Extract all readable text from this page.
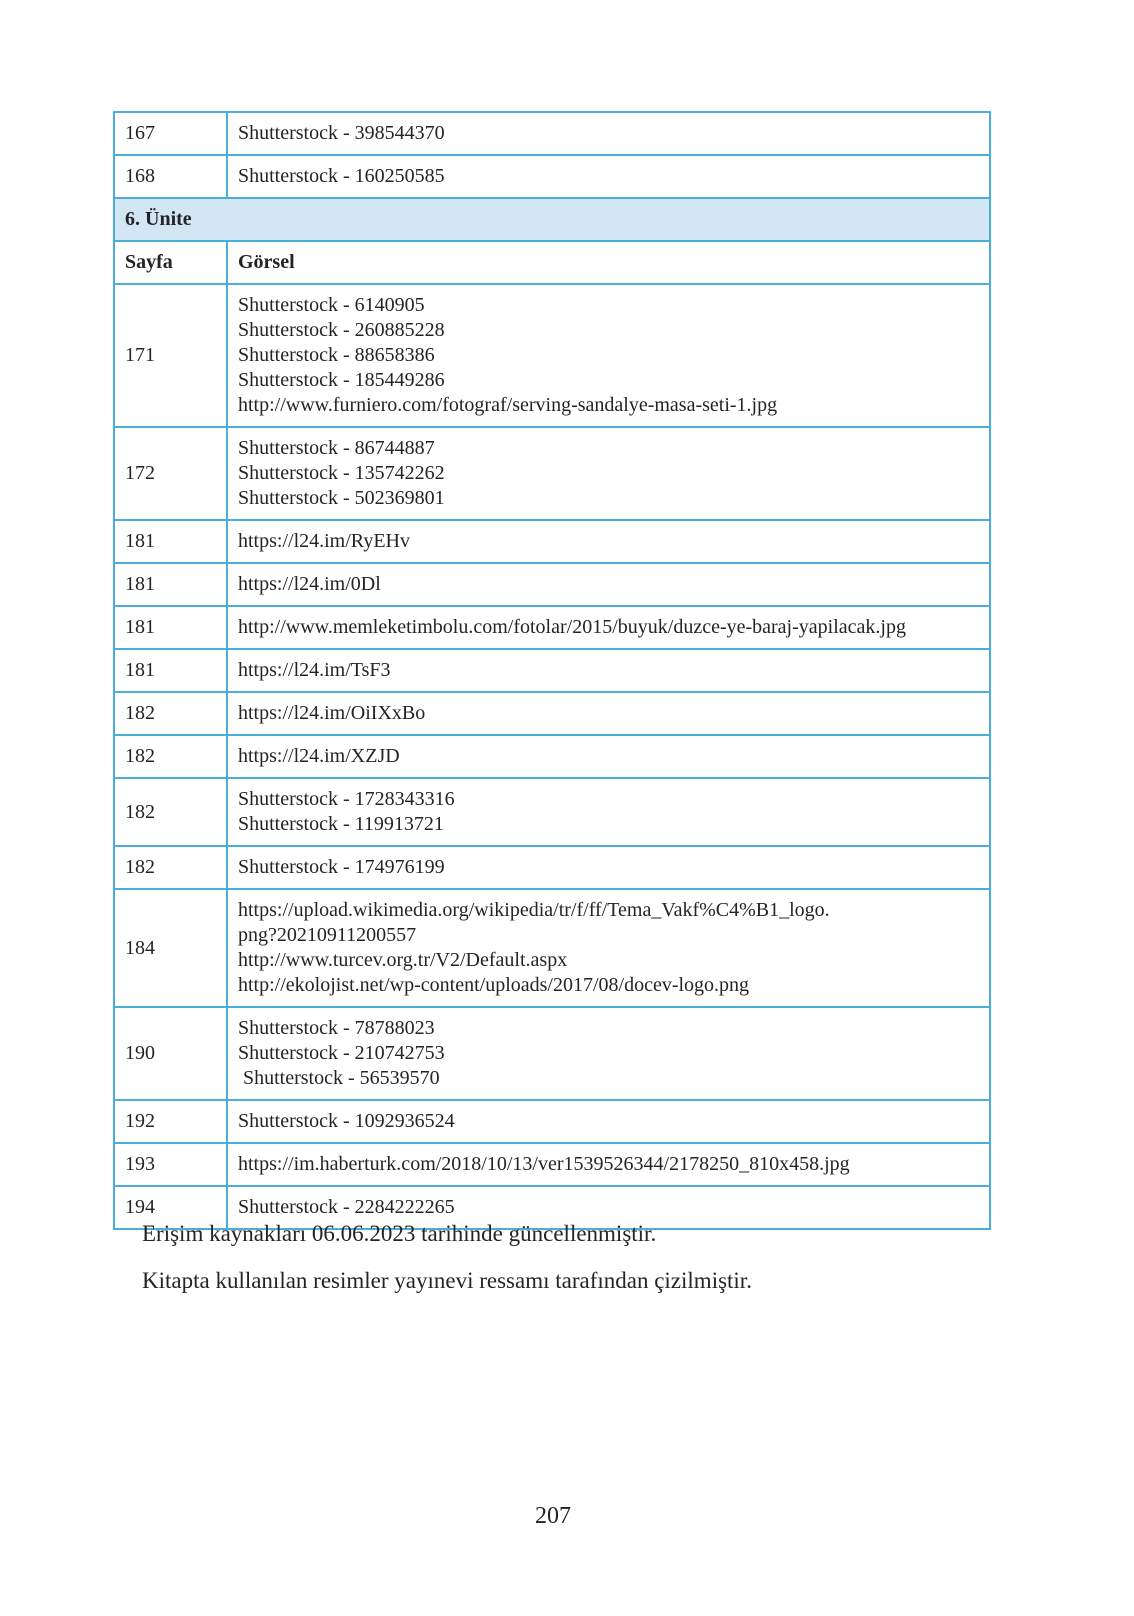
167	Shutterstock - 398544370

168	Shutterstock - 160250585

6. Ünite	
Sayfa	Görsel
171	Shutterstock - 6140905
Shutterstock - 260885228
Shutterstock - 88658386
Shutterstock - 185449286
http://www.furniero.com/fotograf/serving-sandalye-masa-seti-1.jpg

172	Shutterstock - 86744887
Shutterstock - 135742262
Shutterstock - 502369801

181	https://l24.im/RyEHv

181	https://l24.im/0Dl

181	http://www.memleketimbolu.com/fotolar/2015/buyuk/duzce-ye-baraj-yapilacak.jpg

181	https://l24.im/TsF3

182	https://l24.im/OiIXxBo

182	https://l24.im/XZJD

182	Shutterstock - 1728343316
Shutterstock - 119913721

182	Shutterstock - 174976199

184	https://upload.wikimedia.org/wikipedia/tr/f/ff/Tema_Vakf%C4%B1_logo.
png?20210911200557
http://www.turcev.org.tr/V2/Default.aspx
http://ekolojist.net/wp-content/uploads/2017/08/docev-logo.png

190	Shutterstock - 78788023
Shutterstock - 210742753
Shutterstock - 56539570

192	Shutterstock - 1092936524

193	https://im.haberturk.com/2018/10/13/ver1539526344/2178250_810x458.jpg

194	Shutterstock - 2284222265

Erişim kaynakları 06.06.2023 tarihinde güncellenmiştir.

Kitapta kullanılan resimler yayınevi ressamı tarafından çizilmiştir.

207
